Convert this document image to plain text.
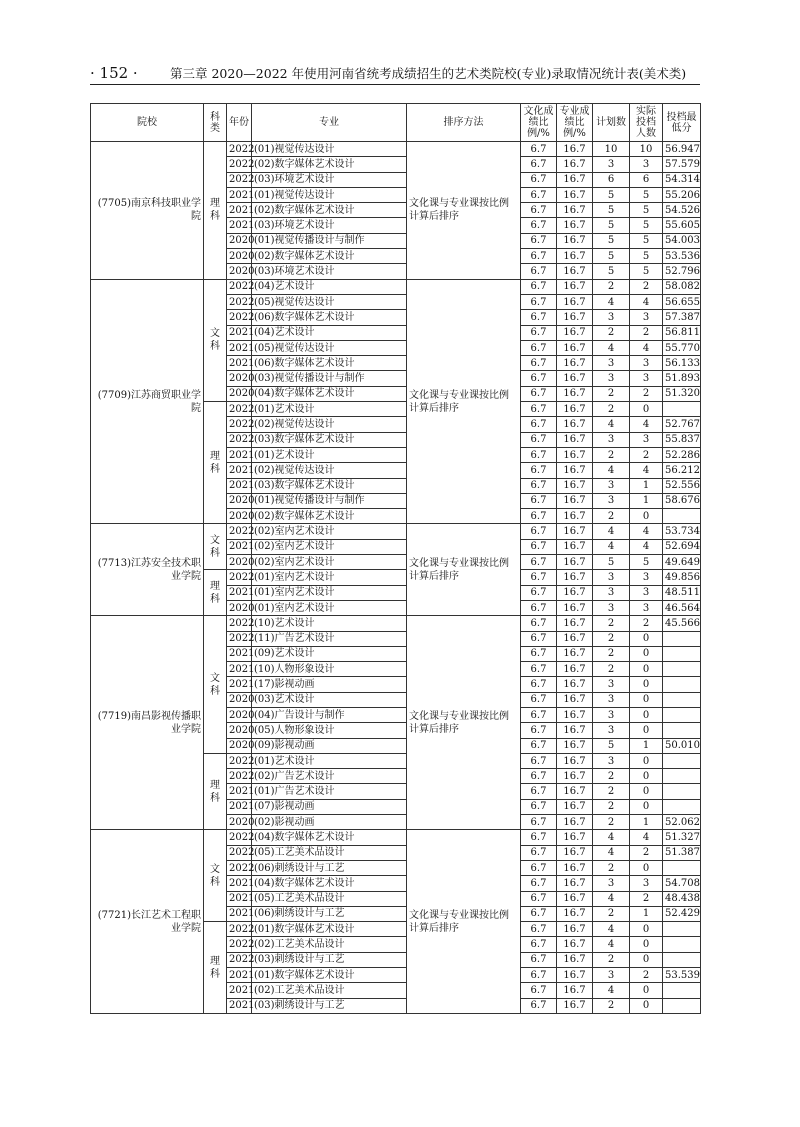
· 152 ·	第三章 2020—2022 年使用河南省统考成绩招生的艺术类院校(专业)录取情况统计表(美术类)
院校	科类	年份	专业	排序方法	文化成绩比例/%	专业成绩比例/%	计划数	实际投档人数	投档最低分
(7705)南京科技职业学院	理科	2022	(01)视觉传达设计	文化课与专业课按比例计算后排序	6.7	16.7	10	10	56.947
		2022	(02)数字媒体艺术设计		6.7	16.7	3	3	57.579
		2022	(03)环境艺术设计		6.7	16.7	6	6	54.314
		2021	(01)视觉传达设计		6.7	16.7	5	5	55.206
		2021	(02)数字媒体艺术设计		6.7	16.7	5	5	54.526
		2021	(03)环境艺术设计		6.7	16.7	5	5	55.605
		2020	(01)视觉传播设计与制作		6.7	16.7	5	5	54.003
		2020	(02)数字媒体艺术设计		6.7	16.7	5	5	53.536
		2020	(03)环境艺术设计		6.7	16.7	5	5	52.796
(7709)江苏商贸职业学院	文科	2022	(04)艺术设计	文化课与专业课按比例计算后排序	6.7	16.7	2	2	58.082
		2022	(05)视觉传达设计		6.7	16.7	4	4	56.655
		2022	(06)数字媒体艺术设计		6.7	16.7	3	3	57.387
		2021	(04)艺术设计		6.7	16.7	2	2	56.811
		2021	(05)视觉传达设计		6.7	16.7	4	4	55.770
		2021	(06)数字媒体艺术设计		6.7	16.7	3	3	56.133
		2020	(03)视觉传播设计与制作		6.7	16.7	3	3	51.893
		2020	(04)数字媒体艺术设计		6.7	16.7	2	2	51.320
	理科	2022	(01)艺术设计		6.7	16.7	2	0	
		2022	(02)视觉传达设计		6.7	16.7	4	4	52.767
		2022	(03)数字媒体艺术设计		6.7	16.7	3	3	55.837
		2021	(01)艺术设计		6.7	16.7	2	2	52.286
		2021	(02)视觉传达设计		6.7	16.7	4	4	56.212
		2021	(03)数字媒体艺术设计		6.7	16.7	3	1	52.556
		2020	(01)视觉传播设计与制作		6.7	16.7	3	1	58.676
		2020	(02)数字媒体艺术设计		6.7	16.7	2	0	
(7713)江苏安全技术职业学院	文科	2022	(02)室内艺术设计	文化课与专业课按比例计算后排序	6.7	16.7	4	4	53.734
		2021	(02)室内艺术设计		6.7	16.7	4	4	52.694
		2020	(02)室内艺术设计		6.7	16.7	5	5	49.649
	理科	2022	(01)室内艺术设计		6.7	16.7	3	3	49.856
		2021	(01)室内艺术设计		6.7	16.7	3	3	48.511
		2020	(01)室内艺术设计		6.7	16.7	3	3	46.564
(7719)南昌影视传播职业学院	文科	2022	(10)艺术设计	文化课与专业课按比例计算后排序	6.7	16.7	2	2	45.566
		2022	(11)广告艺术设计		6.7	16.7	2	0	
		2021	(09)艺术设计		6.7	16.7	2	0	
		2021	(10)人物形象设计		6.7	16.7	2	0	
		2021	(17)影视动画		6.7	16.7	3	0	
		2020	(03)艺术设计		6.7	16.7	3	0	
		2020	(04)广告设计与制作		6.7	16.7	3	0	
		2020	(05)人物形象设计		6.7	16.7	3	0	
		2020	(09)影视动画		6.7	16.7	5	1	50.010
	理科	2022	(01)艺术设计		6.7	16.7	3	0	
		2022	(02)广告艺术设计		6.7	16.7	2	0	
		2021	(01)广告艺术设计		6.7	16.7	2	0	
		2021	(07)影视动画		6.7	16.7	2	0	
		2020	(02)影视动画		6.7	16.7	2	1	52.062
(7721)长江艺术工程职业学院	文科	2022	(04)数字媒体艺术设计	文化课与专业课按比例计算后排序	6.7	16.7	4	4	51.327
		2022	(05)工艺美术品设计		6.7	16.7	4	2	51.387
		2022	(06)刺绣设计与工艺		6.7	16.7	2	0	
		2021	(04)数字媒体艺术设计		6.7	16.7	3	3	54.708
		2021	(05)工艺美术品设计		6.7	16.7	4	2	48.438
		2021	(06)刺绣设计与工艺		6.7	16.7	2	1	52.429
	理科	2022	(01)数字媒体艺术设计		6.7	16.7	4	0	
		2022	(02)工艺美术品设计		6.7	16.7	4	0	
		2022	(03)刺绣设计与工艺		6.7	16.7	2	0	
		2021	(01)数字媒体艺术设计		6.7	16.7	3	2	53.539
		2021	(02)工艺美术品设计		6.7	16.7	4	0	
		2021	(03)刺绣设计与工艺		6.7	16.7	2	0	
